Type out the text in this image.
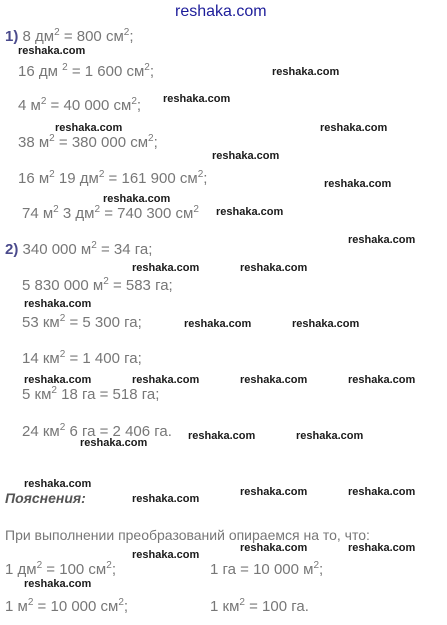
reshaka.com
1) 8 $дм^2 = 800$ $см^2$;
16 дм $^2$ = 1 600 $см^2$;
4 $м^2 = 40$ 000 $см^2$;
38 $м^2 = 380$ 000 $см^2$;
16 $м^2$ 19 $дм^2 = 161$ 900 $см^2$;
74 $м^2$ 3 $дм^2 = 740$ 300 $см^2$
2) 340 000 $м^2 = 34$ га;
5 830 000 $м^2 = 583$ га;
53 $км^2 = 5$ 300 га;
14 $км^2 = 1$ 400 га;
5 $км^2$ 18 га = 518 га;
24 $км^2$ 6 га = 2 406 га.
Пояснения:
При выполнении преобразований опираемся на то, что:
1 $дм^2 = 100$ $см^2$;	1 га = 10 000 $м^2$;
1 $м^2 = 10$ 000 $см^2$;	1 $км^2 = 100$ га.
reshaka.com
reshaka.com
reshaka.com
reshaka.com	reshaka.com
reshaka.com
reshaka.com
reshaka.com
reshaka.com
reshaka.com
reshaka.com	reshaka.com
reshaka.com
reshaka.com	reshaka.com
reshaka.com	reshaka.com	reshaka.com	reshaka.com
reshaka.com	reshaka.com
reshaka.com
reshaka.com
reshaka.com	reshaka.com
reshaka.com
reshaka.com	reshaka.com
reshaka.com
reshaka.com
